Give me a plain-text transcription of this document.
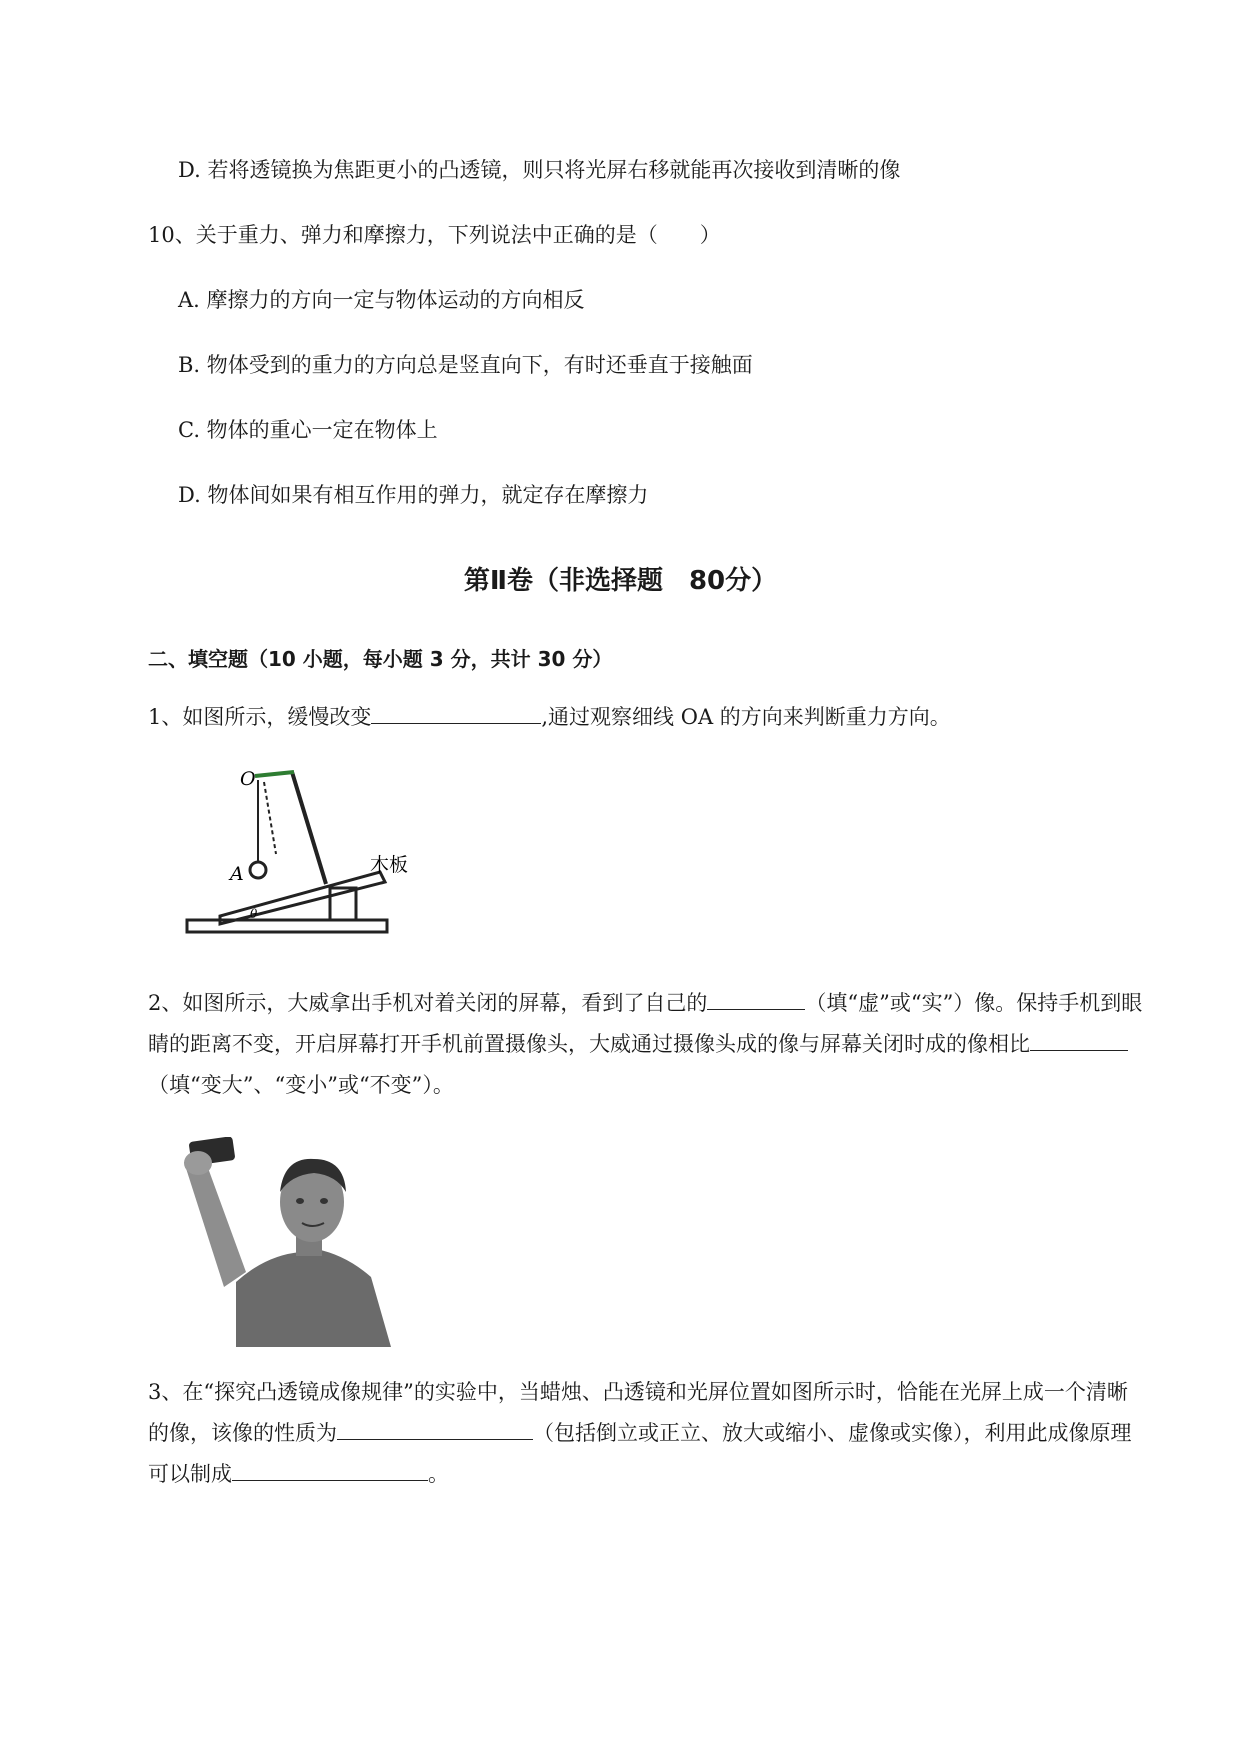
D. 若将透镜换为焦距更小的凸透镜，则只将光屏右移就能再次接收到清晰的像
10、关于重力、弹力和摩擦力，下列说法中正确的是（　　）
A. 摩擦力的方向一定与物体运动的方向相反
B. 物体受到的重力的方向总是竖直向下，有时还垂直于接触面
C. 物体的重心一定在物体上
D. 物体间如果有相互作用的弹力，就定存在摩擦力
第Ⅱ卷（非选择题　80分）
二、填空题（10 小题，每小题 3 分，共计 30 分）
1、如图所示，缓慢改变	,通过观察细线 OA 的方向来判断重力方向。
θ
O
A	木板
2、如图所示，大威拿出手机对着关闭的屏幕，看到了自己的	（填“虚”或“实”）像。保持手机到眼睛的距离不变，开启屏幕打开手机前置摄像头，大威通过摄像头成的像与屏幕关闭时成的像相比（填“变大”、“变小”或“不变”）。
3、在“探究凸透镜成像规律”的实验中，当蜡烛、凸透镜和光屏位置如图所示时，恰能在光屏上成一个清晰的像，该像的性质为	（包括倒立或正立、放大或缩小、虚像或实像），利用此成像原理可以制成	。
